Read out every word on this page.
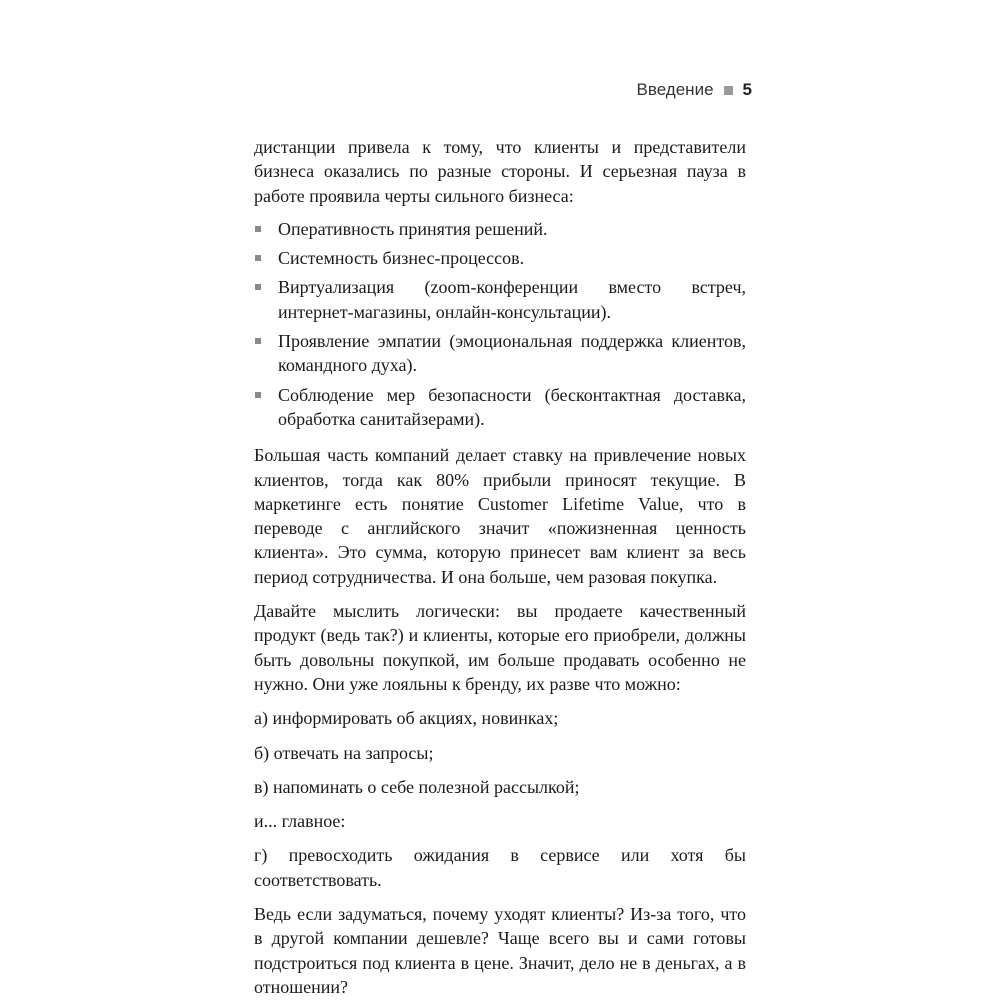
Введение 5

дистанции привела к тому, что клиенты и представители бизнеса оказались по разные стороны. И серьезная пауза в работе проявила черты сильного бизнеса:

Оперативность принятия решений.
Системность бизнес-процессов.
Виртуализация (zoom-конференции вместо встреч, интернет-магазины, онлайн-консультации).
Проявление эмпатии (эмоциональная поддержка клиентов, командного духа).
Соблюдение мер безопасности (бесконтактная доставка, обработка санитайзерами).

Большая часть компаний делает ставку на привлечение новых клиентов, тогда как 80% прибыли приносят текущие. В маркетинге есть понятие Customer Lifetime Value, что в переводе с английского значит «пожизненная ценность клиента». Это сумма, которую принесет вам клиент за весь период сотрудничества. И она больше, чем разовая покупка.

Давайте мыслить логически: вы продаете качественный продукт (ведь так?) и клиенты, которые его приобрели, должны быть довольны покупкой, им больше продавать особенно не нужно. Они уже лояльны к бренду, их разве что можно:

а) информировать об акциях, новинках;

б) отвечать на запросы;

в) напоминать о себе полезной рассылкой;

и... главное:

г) превосходить ожидания в сервисе или хотя бы соответствовать.

Ведь если задуматься, почему уходят клиенты? Из-за того, что в другой компании дешевле? Чаще всего вы и сами готовы подстроиться под клиента в цене. Значит, дело не в деньгах, а в отношении?
